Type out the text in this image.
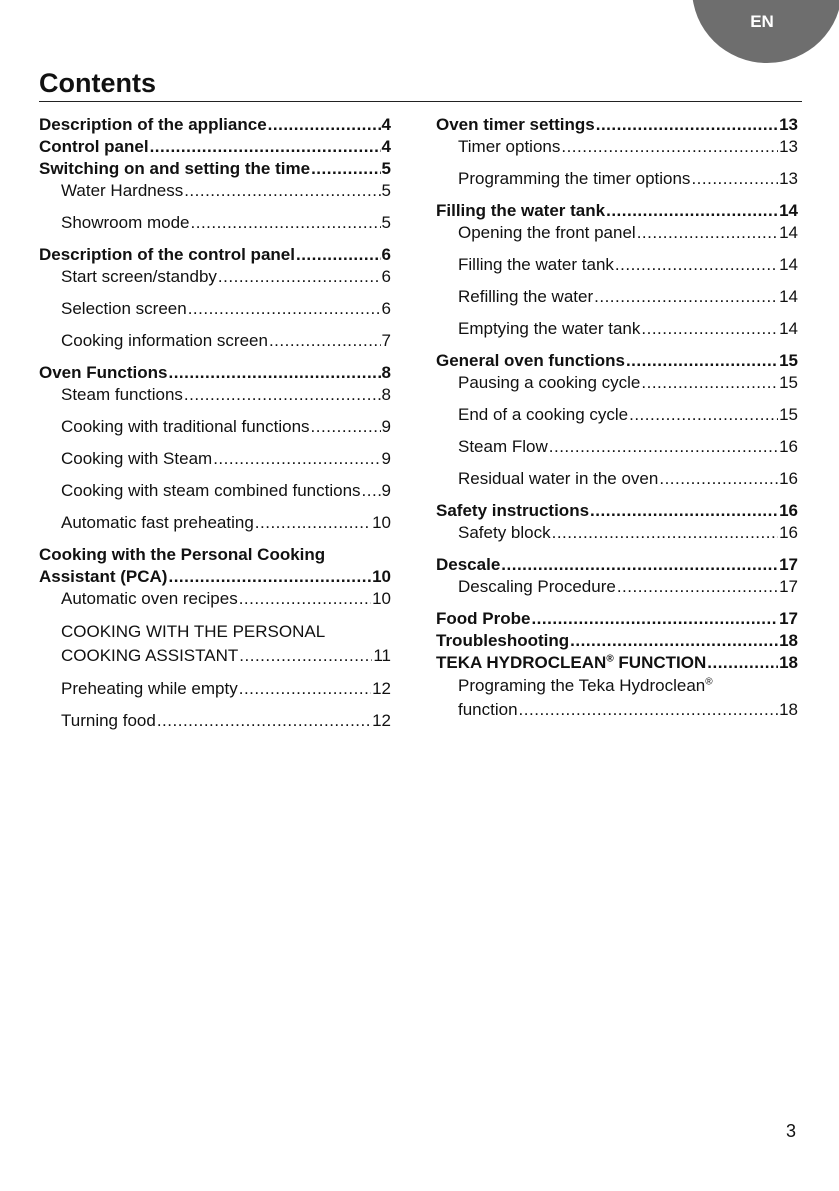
EN
Contents
Description of the appliance .....	4
Control panel .....	4
Switching on and setting the time .....	5
Water Hardness .....	5
Showroom mode .....	5
Description of the control panel .....	6
Start screen/standby .....	6
Selection screen .....	6
Cooking information screen .....	7
Oven Functions .....	8
Steam functions .....	8
Cooking with traditional functions .....	9
Cooking with Steam .....	9
Cooking with steam combined functions ..... 9
Automatic fast preheating .....	10
Cooking with the Personal Cooking
Assistant (PCA) .....	10
Automatic oven recipes .....	10
COOKING WITH THE PERSONAL
COOKING ASSISTANT .....	11
Preheating while empty .....	12
Turning food .....	12
Oven timer settings .....	13
Timer options .....	13
Programming the timer options .....	13
Filling the water tank .....	14
Opening the front panel .....	14
Filling the water tank .....	14
Refilling the water .....	14
Emptying the water tank .....	14
General oven functions .....	15
Pausing a cooking cycle .....	15
End of a cooking cycle .....	15
Steam Flow .....	16
Residual water in the oven .....	16
Safety instructions .....	16
Safety block .....	16
Descale .....	17
Descaling Procedure .....	17
Food Probe .....	17
Troubleshooting .....	18
TEKA HYDROCLEAN® FUNCTION .....	18
Programing the Teka Hydroclean®
function .....	18
3
